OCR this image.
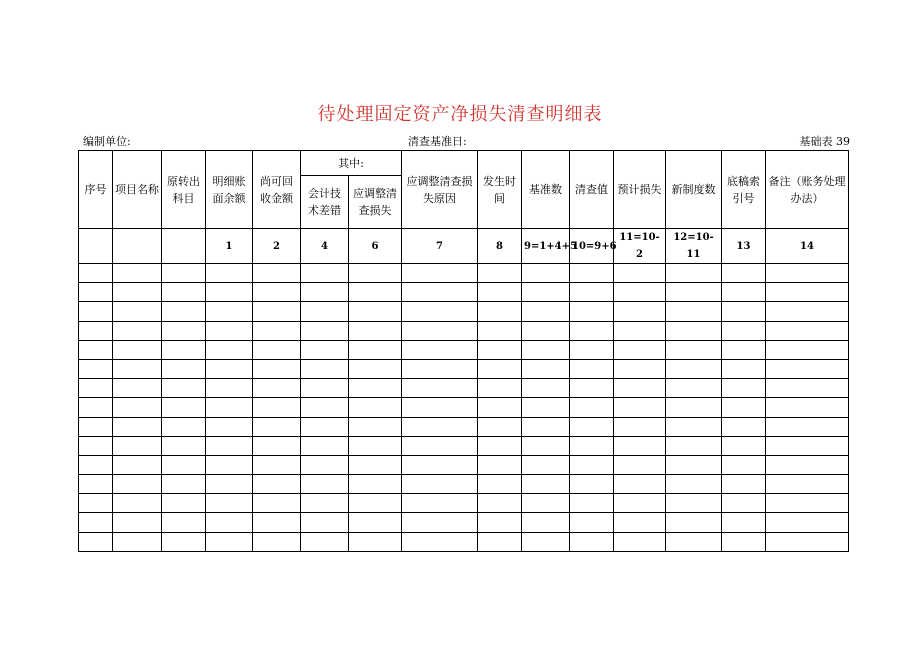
待处理固定资产净损失清查明细表
编制单位:	清查基准日:	基础表 39
序号	项目名称	原转出科目	明细账面余额	尚可回收金额	其中:		应调整清查损失原因	发生时间	基准数	清查值	预计损失	新制度数	底稿索引号	备注（账务处理办法）
					会计技术差错	应调整清查损失								
			1	2	4	6	7	8	9=1+4+5	10=9+6	11=10-2	12=10-11	13	14
